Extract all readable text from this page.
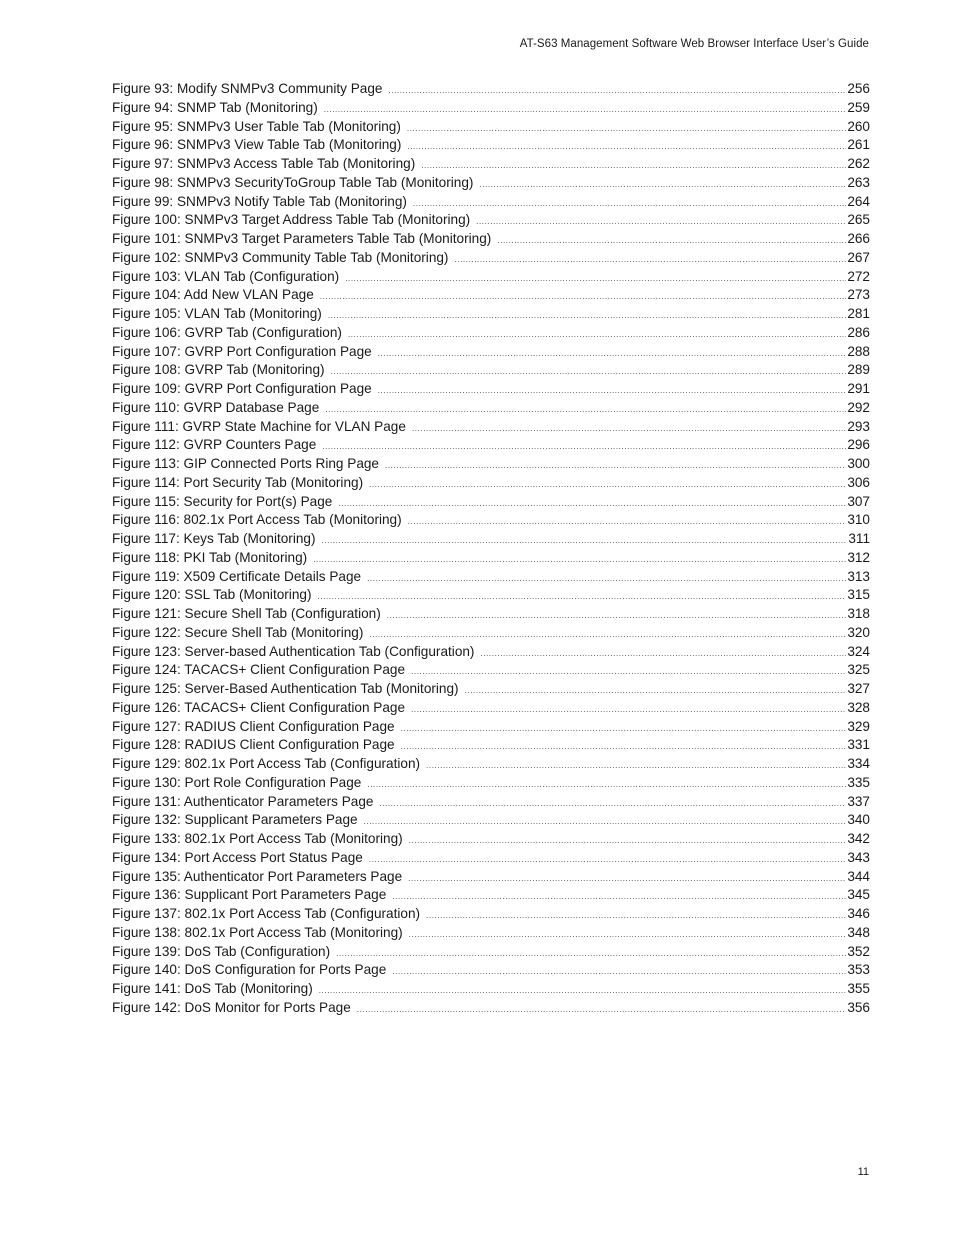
AT-S63 Management Software Web Browser Interface User’s Guide
Figure 93: Modify SNMPv3 Community Page .....	256
Figure 94: SNMP Tab (Monitoring) .....	259
Figure 95: SNMPv3 User Table Tab (Monitoring) .....	260
Figure 96: SNMPv3 View Table Tab (Monitoring) .....	261
Figure 97: SNMPv3 Access Table Tab (Monitoring) .....	262
Figure 98: SNMPv3 SecurityToGroup Table Tab (Monitoring) .....	263
Figure 99: SNMPv3 Notify Table Tab (Monitoring) .....	264
Figure 100: SNMPv3 Target Address Table Tab (Monitoring) .....	265
Figure 101: SNMPv3 Target Parameters Table Tab (Monitoring) .....	266
Figure 102: SNMPv3 Community Table Tab (Monitoring) .....	267
Figure 103: VLAN Tab (Configuration) .....	272
Figure 104: Add New VLAN Page .....	273
Figure 105: VLAN Tab (Monitoring) .....	281
Figure 106: GVRP Tab (Configuration) .....	286
Figure 107: GVRP Port Configuration Page .....	288
Figure 108: GVRP Tab (Monitoring) .....	289
Figure 109: GVRP Port Configuration Page .....	291
Figure 110: GVRP Database Page .....	292
Figure 111: GVRP State Machine for VLAN Page .....	293
Figure 112: GVRP Counters Page .....	296
Figure 113: GIP Connected Ports Ring Page .....	300
Figure 114: Port Security Tab (Monitoring) .....	306
Figure 115: Security for Port(s) Page .....	307
Figure 116: 802.1x Port Access Tab (Monitoring) .....	310
Figure 117: Keys Tab (Monitoring) .....	311
Figure 118: PKI Tab (Monitoring) .....	312
Figure 119: X509 Certificate Details Page .....	313
Figure 120: SSL Tab (Monitoring) .....	315
Figure 121: Secure Shell Tab (Configuration) .....	318
Figure 122: Secure Shell Tab (Monitoring) .....	320
Figure 123: Server-based Authentication Tab (Configuration) .....	324
Figure 124: TACACS+ Client Configuration Page .....	325
Figure 125: Server-Based Authentication Tab (Monitoring) .....	327
Figure 126: TACACS+ Client Configuration Page .....	328
Figure 127: RADIUS Client Configuration Page .....	329
Figure 128: RADIUS Client Configuration Page .....	331
Figure 129: 802.1x Port Access Tab (Configuration) .....	334
Figure 130: Port Role Configuration Page .....	335
Figure 131: Authenticator Parameters Page .....	337
Figure 132: Supplicant Parameters Page .....	340
Figure 133: 802.1x Port Access Tab (Monitoring) .....	342
Figure 134: Port Access Port Status Page .....	343
Figure 135: Authenticator Port Parameters Page .....	344
Figure 136: Supplicant Port Parameters Page .....	345
Figure 137: 802.1x Port Access Tab (Configuration) .....	346
Figure 138: 802.1x Port Access Tab (Monitoring) .....	348
Figure 139: DoS Tab (Configuration) .....	352
Figure 140: DoS Configuration for Ports Page .....	353
Figure 141: DoS Tab (Monitoring) .....	355
Figure 142: DoS Monitor for Ports Page .....	356
11
